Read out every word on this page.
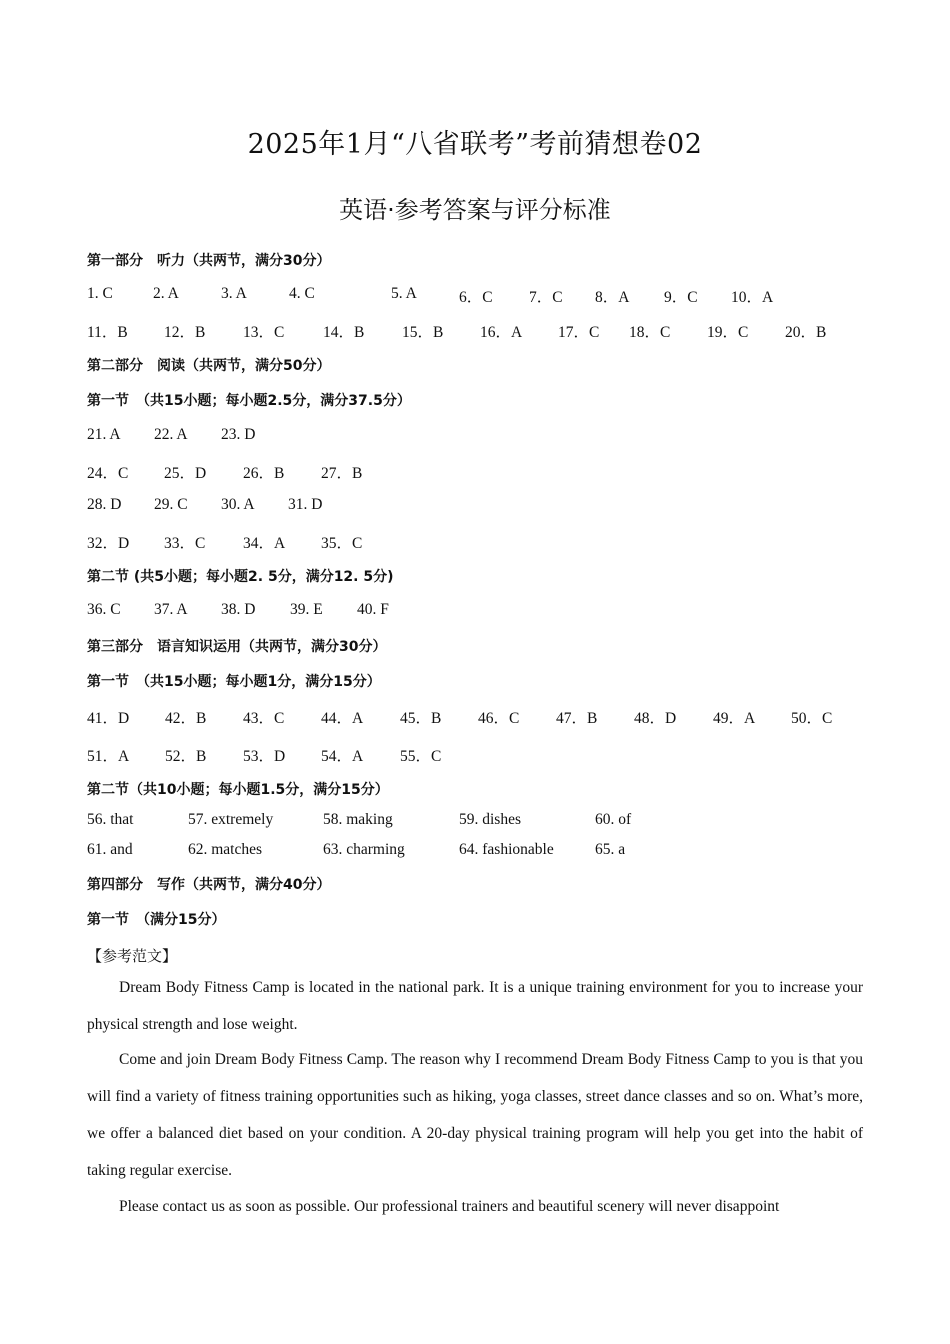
2025年1月“八省联考”考前猜想卷02
英语·参考答案与评分标准
第一部分　听力（共两节，满分30分）
1. C	2. A	3. A	4. C	5. A	6．C 7．C 8．A 9．C 10．A
11．B 12．B 13．C 14．B 15．B 16．A 17．C 18．C 19．C 20．B
第二部分　阅读（共两节，满分50分）
第一节　（共15小题；每小题2.5分，满分37.5分）
21. A 22. A 23. D
24．C 25．D 26．B 27．B
28. D 29. C 30. A 31. D
32．D 33．C 34．A 35．C
第二节 (共5小题；每小题2. 5分，满分12. 5分)
36. C 37. A 38. D 39. E 40. F
第三部分　语言知识运用（共两节，满分30分）
第一节　（共15小题；每小题1分，满分15分）
41．D 42．B 43．C 44．A 45．B 46．C 47．B 48．D 49．A 50．C
51．A 52．B 53．D 54．A 55．C
第二节（共10小题；每小题1.5分，满分15分）
56. that	57. extremely	58. making	59. dishes	60. of
61. and	62. matches	63. charming	64. fashionable	65. a
第四部分　写作（共两节，满分40分）
第一节　（满分15分）
【参考范文】
Dream Body Fitness Camp is located in the national park. It is a unique training environment for you to increase your physical strength and lose weight.
Come and join Dream Body Fitness Camp. The reason why I recommend Dream Body Fitness Camp to you is that you will find a variety of fitness training opportunities such as hiking, yoga classes, street dance classes and so on. What’s more, we offer a balanced diet based on your condition. A 20-day physical training program will help you get into the habit of taking regular exercise.
Please contact us as soon as possible. Our professional trainers and beautiful scenery will never disappoint
